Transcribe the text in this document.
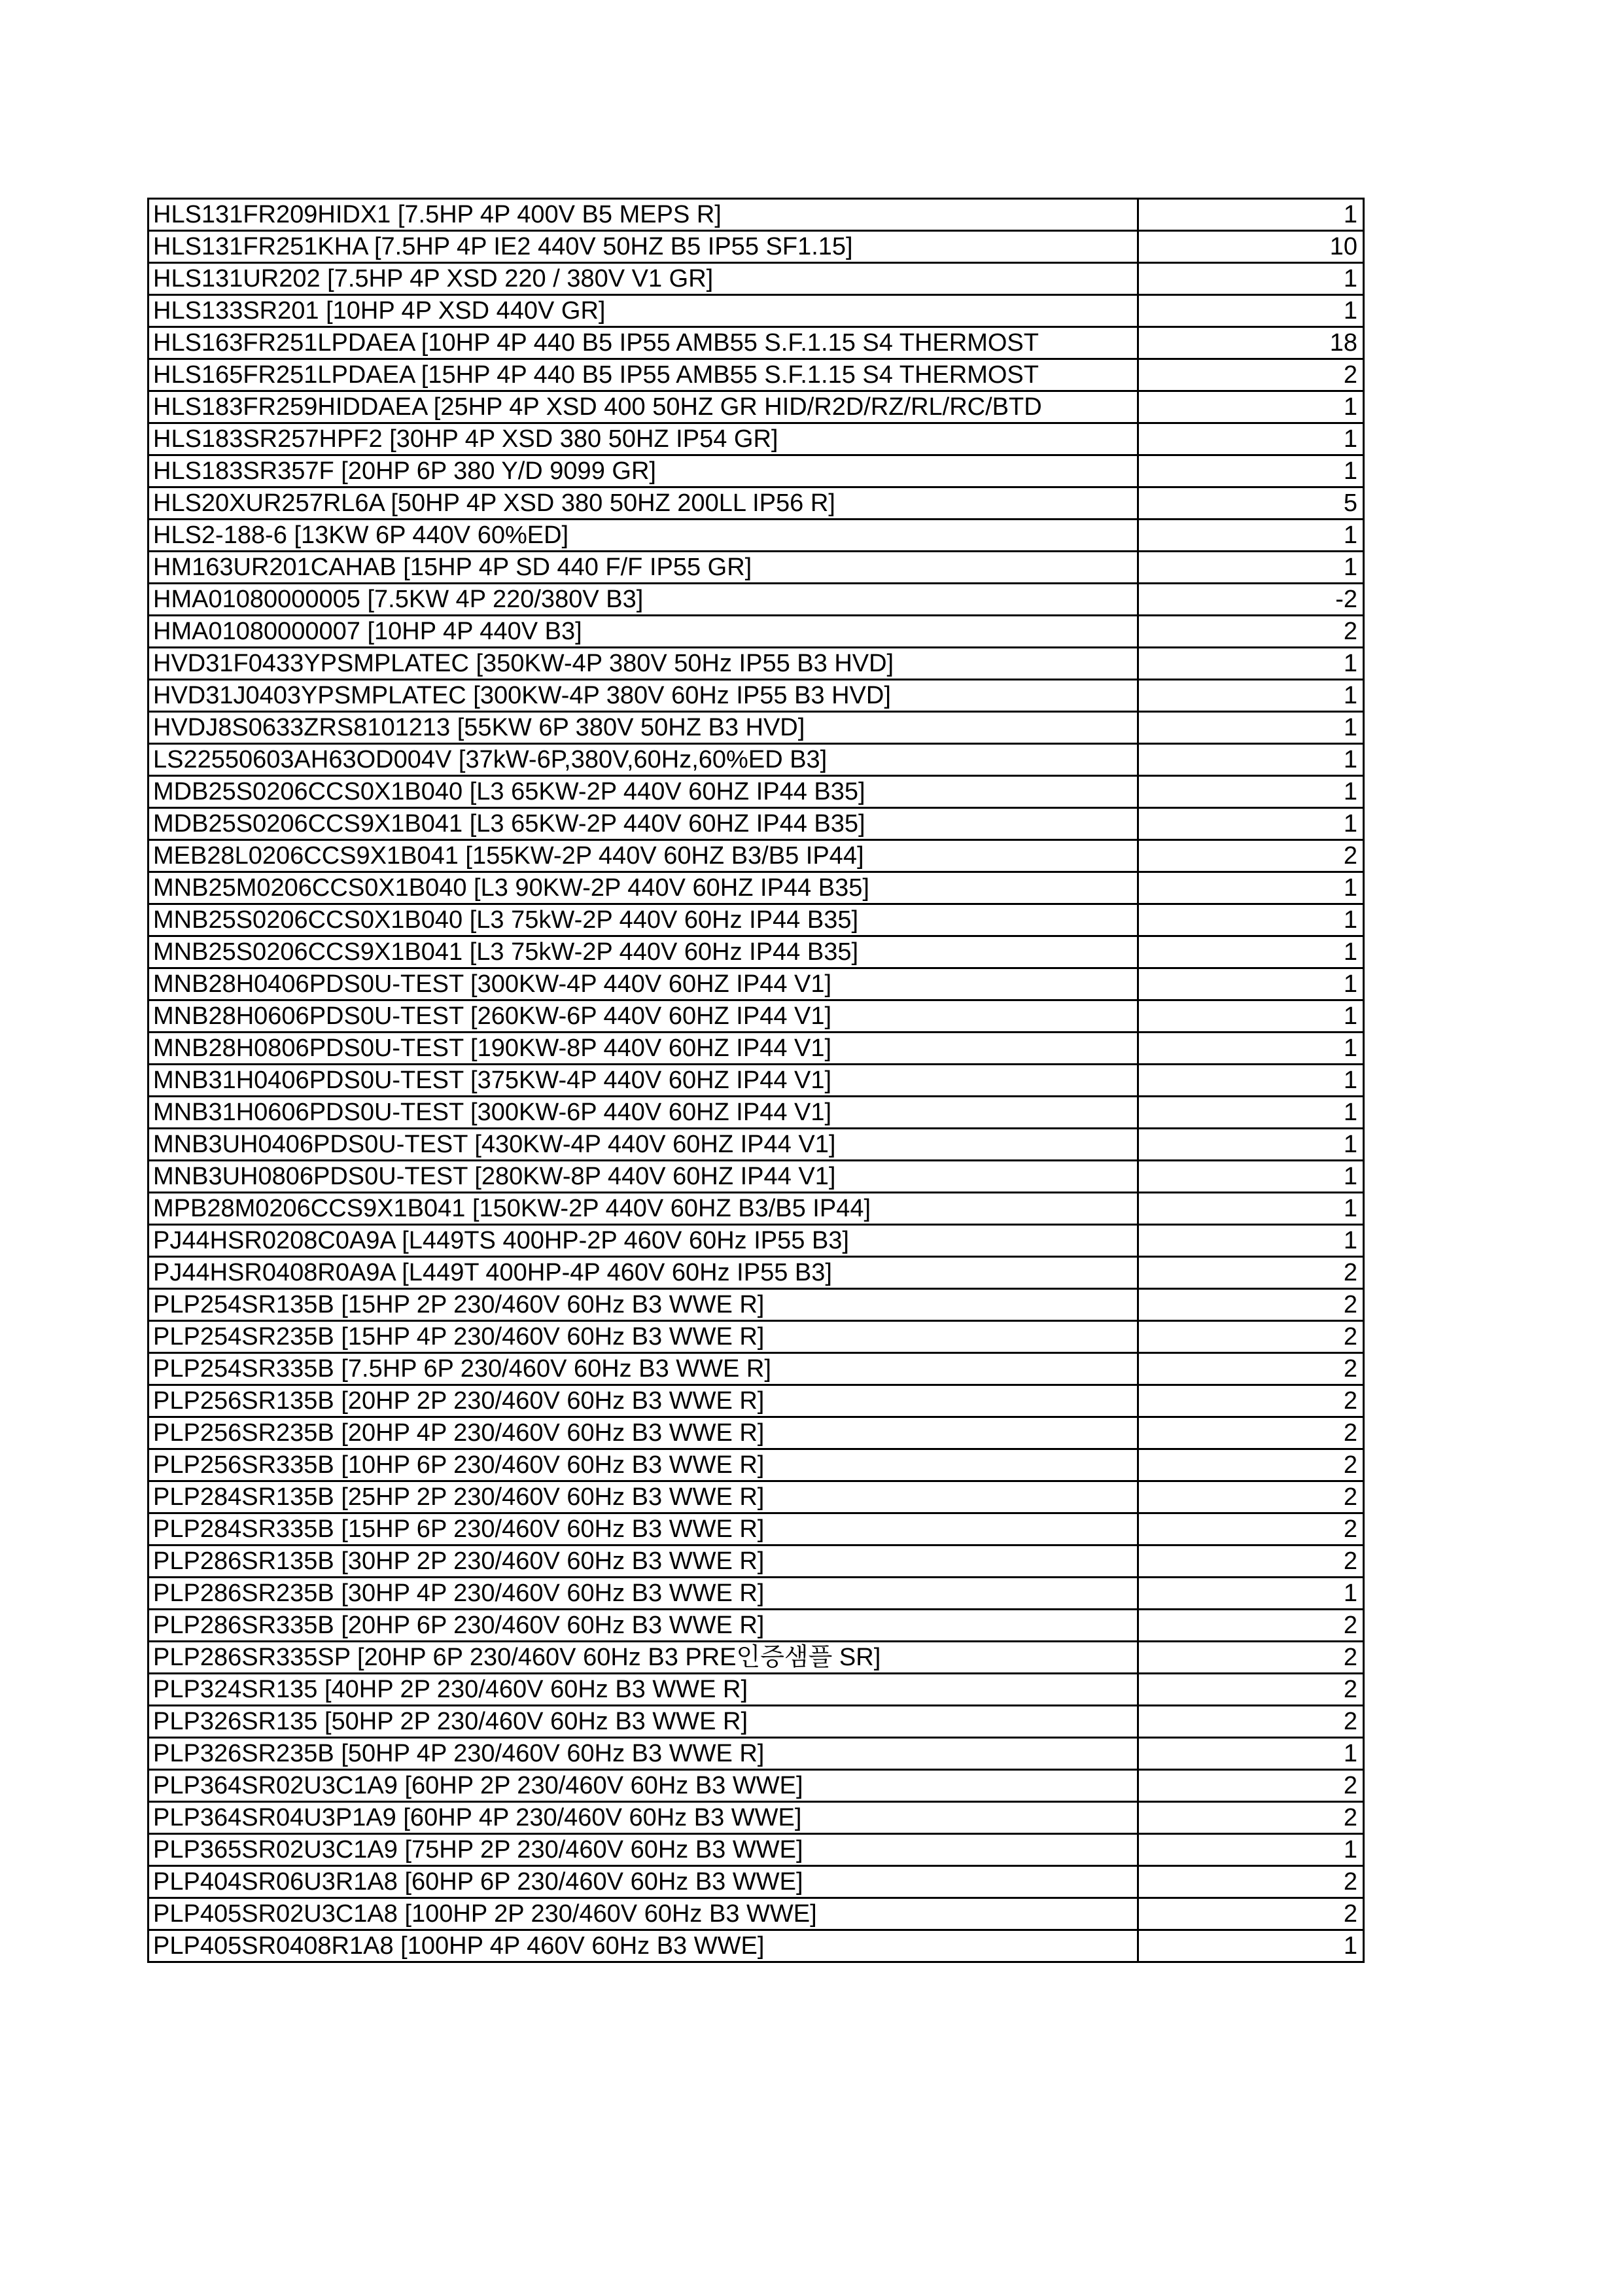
HLS131FR209HIDX1 [7.5HP 4P 400V B5 MEPS R]	1
HLS131FR251KHA [7.5HP 4P IE2 440V 50HZ B5 IP55 SF1.15]	10
HLS131UR202 [7.5HP 4P XSD 220 / 380V V1 GR]	1
HLS133SR201 [10HP 4P XSD 440V GR]	1
HLS163FR251LPDAEA [10HP 4P 440 B5 IP55 AMB55 S.F.1.15 S4 THERMOST	18
HLS165FR251LPDAEA [15HP 4P 440 B5 IP55 AMB55 S.F.1.15 S4 THERMOST	2
HLS183FR259HIDDAEA [25HP 4P XSD 400 50HZ GR HID/R2D/RZ/RL/RC/BTD	1
HLS183SR257HPF2 [30HP 4P XSD 380 50HZ IP54 GR]	1
HLS183SR357F [20HP 6P 380 Y/D 9099 GR]	1
HLS20XUR257RL6A [50HP 4P XSD 380 50HZ 200LL IP56 R]	5
HLS2-188-6 [13KW 6P 440V 60%ED]	1
HM163UR201CAHAB [15HP 4P SD 440 F/F IP55 GR]	1
HMA01080000005 [7.5KW 4P 220/380V B3]	-2
HMA01080000007 [10HP 4P 440V B3]	2
HVD31F0433YPSMPLATEC [350KW-4P 380V 50Hz IP55 B3 HVD]	1
HVD31J0403YPSMPLATEC [300KW-4P 380V 60Hz IP55 B3 HVD]	1
HVDJ8S0633ZRS8101213 [55KW 6P 380V 50HZ B3 HVD]	1
LS22550603AH63OD004V [37kW-6P,380V,60Hz,60%ED B3]	1
MDB25S0206CCS0X1B040 [L3 65KW-2P 440V 60HZ IP44 B35]	1
MDB25S0206CCS9X1B041 [L3 65KW-2P 440V 60HZ IP44 B35]	1
MEB28L0206CCS9X1B041 [155KW-2P 440V 60HZ B3/B5 IP44]	2
MNB25M0206CCS0X1B040 [L3 90KW-2P 440V 60HZ IP44 B35]	1
MNB25S0206CCS0X1B040 [L3 75kW-2P 440V 60Hz IP44 B35]	1
MNB25S0206CCS9X1B041 [L3 75kW-2P 440V 60Hz IP44 B35]	1
MNB28H0406PDS0U-TEST [300KW-4P 440V 60HZ IP44 V1]	1
MNB28H0606PDS0U-TEST [260KW-6P 440V 60HZ IP44 V1]	1
MNB28H0806PDS0U-TEST [190KW-8P 440V 60HZ IP44 V1]	1
MNB31H0406PDS0U-TEST [375KW-4P 440V 60HZ IP44 V1]	1
MNB31H0606PDS0U-TEST [300KW-6P 440V 60HZ IP44 V1]	1
MNB3UH0406PDS0U-TEST [430KW-4P 440V 60HZ IP44 V1]	1
MNB3UH0806PDS0U-TEST [280KW-8P 440V 60HZ IP44 V1]	1
MPB28M0206CCS9X1B041 [150KW-2P 440V 60HZ B3/B5 IP44]	1
PJ44HSR0208C0A9A [L449TS 400HP-2P 460V 60Hz IP55 B3]	1
PJ44HSR0408R0A9A [L449T 400HP-4P 460V 60Hz IP55 B3]	2
PLP254SR135B [15HP 2P 230/460V 60Hz B3 WWE R]	2
PLP254SR235B [15HP 4P 230/460V 60Hz B3 WWE R]	2
PLP254SR335B [7.5HP 6P 230/460V 60Hz B3 WWE R]	2
PLP256SR135B [20HP 2P 230/460V 60Hz B3 WWE R]	2
PLP256SR235B [20HP 4P 230/460V 60Hz B3 WWE R]	2
PLP256SR335B [10HP 6P 230/460V 60Hz B3 WWE R]	2
PLP284SR135B [25HP 2P 230/460V 60Hz B3 WWE R]	2
PLP284SR335B [15HP 6P 230/460V 60Hz B3 WWE R]	2
PLP286SR135B [30HP 2P 230/460V 60Hz B3 WWE R]	2
PLP286SR235B [30HP 4P 230/460V 60Hz B3 WWE R]	1
PLP286SR335B [20HP 6P 230/460V 60Hz B3 WWE R]	2
PLP286SR335SP [20HP 6P 230/460V 60Hz B3 PRE인증샘플 SR]	2
PLP324SR135 [40HP 2P 230/460V 60Hz B3 WWE R]	2
PLP326SR135 [50HP 2P 230/460V 60Hz B3 WWE R]	2
PLP326SR235B [50HP 4P 230/460V 60Hz B3 WWE R]	1
PLP364SR02U3C1A9 [60HP 2P 230/460V 60Hz B3 WWE]	2
PLP364SR04U3P1A9 [60HP 4P 230/460V 60Hz B3 WWE]	2
PLP365SR02U3C1A9 [75HP 2P 230/460V 60Hz B3 WWE]	1
PLP404SR06U3R1A8 [60HP 6P 230/460V 60Hz B3 WWE]	2
PLP405SR02U3C1A8 [100HP 2P 230/460V 60Hz B3 WWE]	2
PLP405SR0408R1A8 [100HP 4P 460V 60Hz B3 WWE]	1
